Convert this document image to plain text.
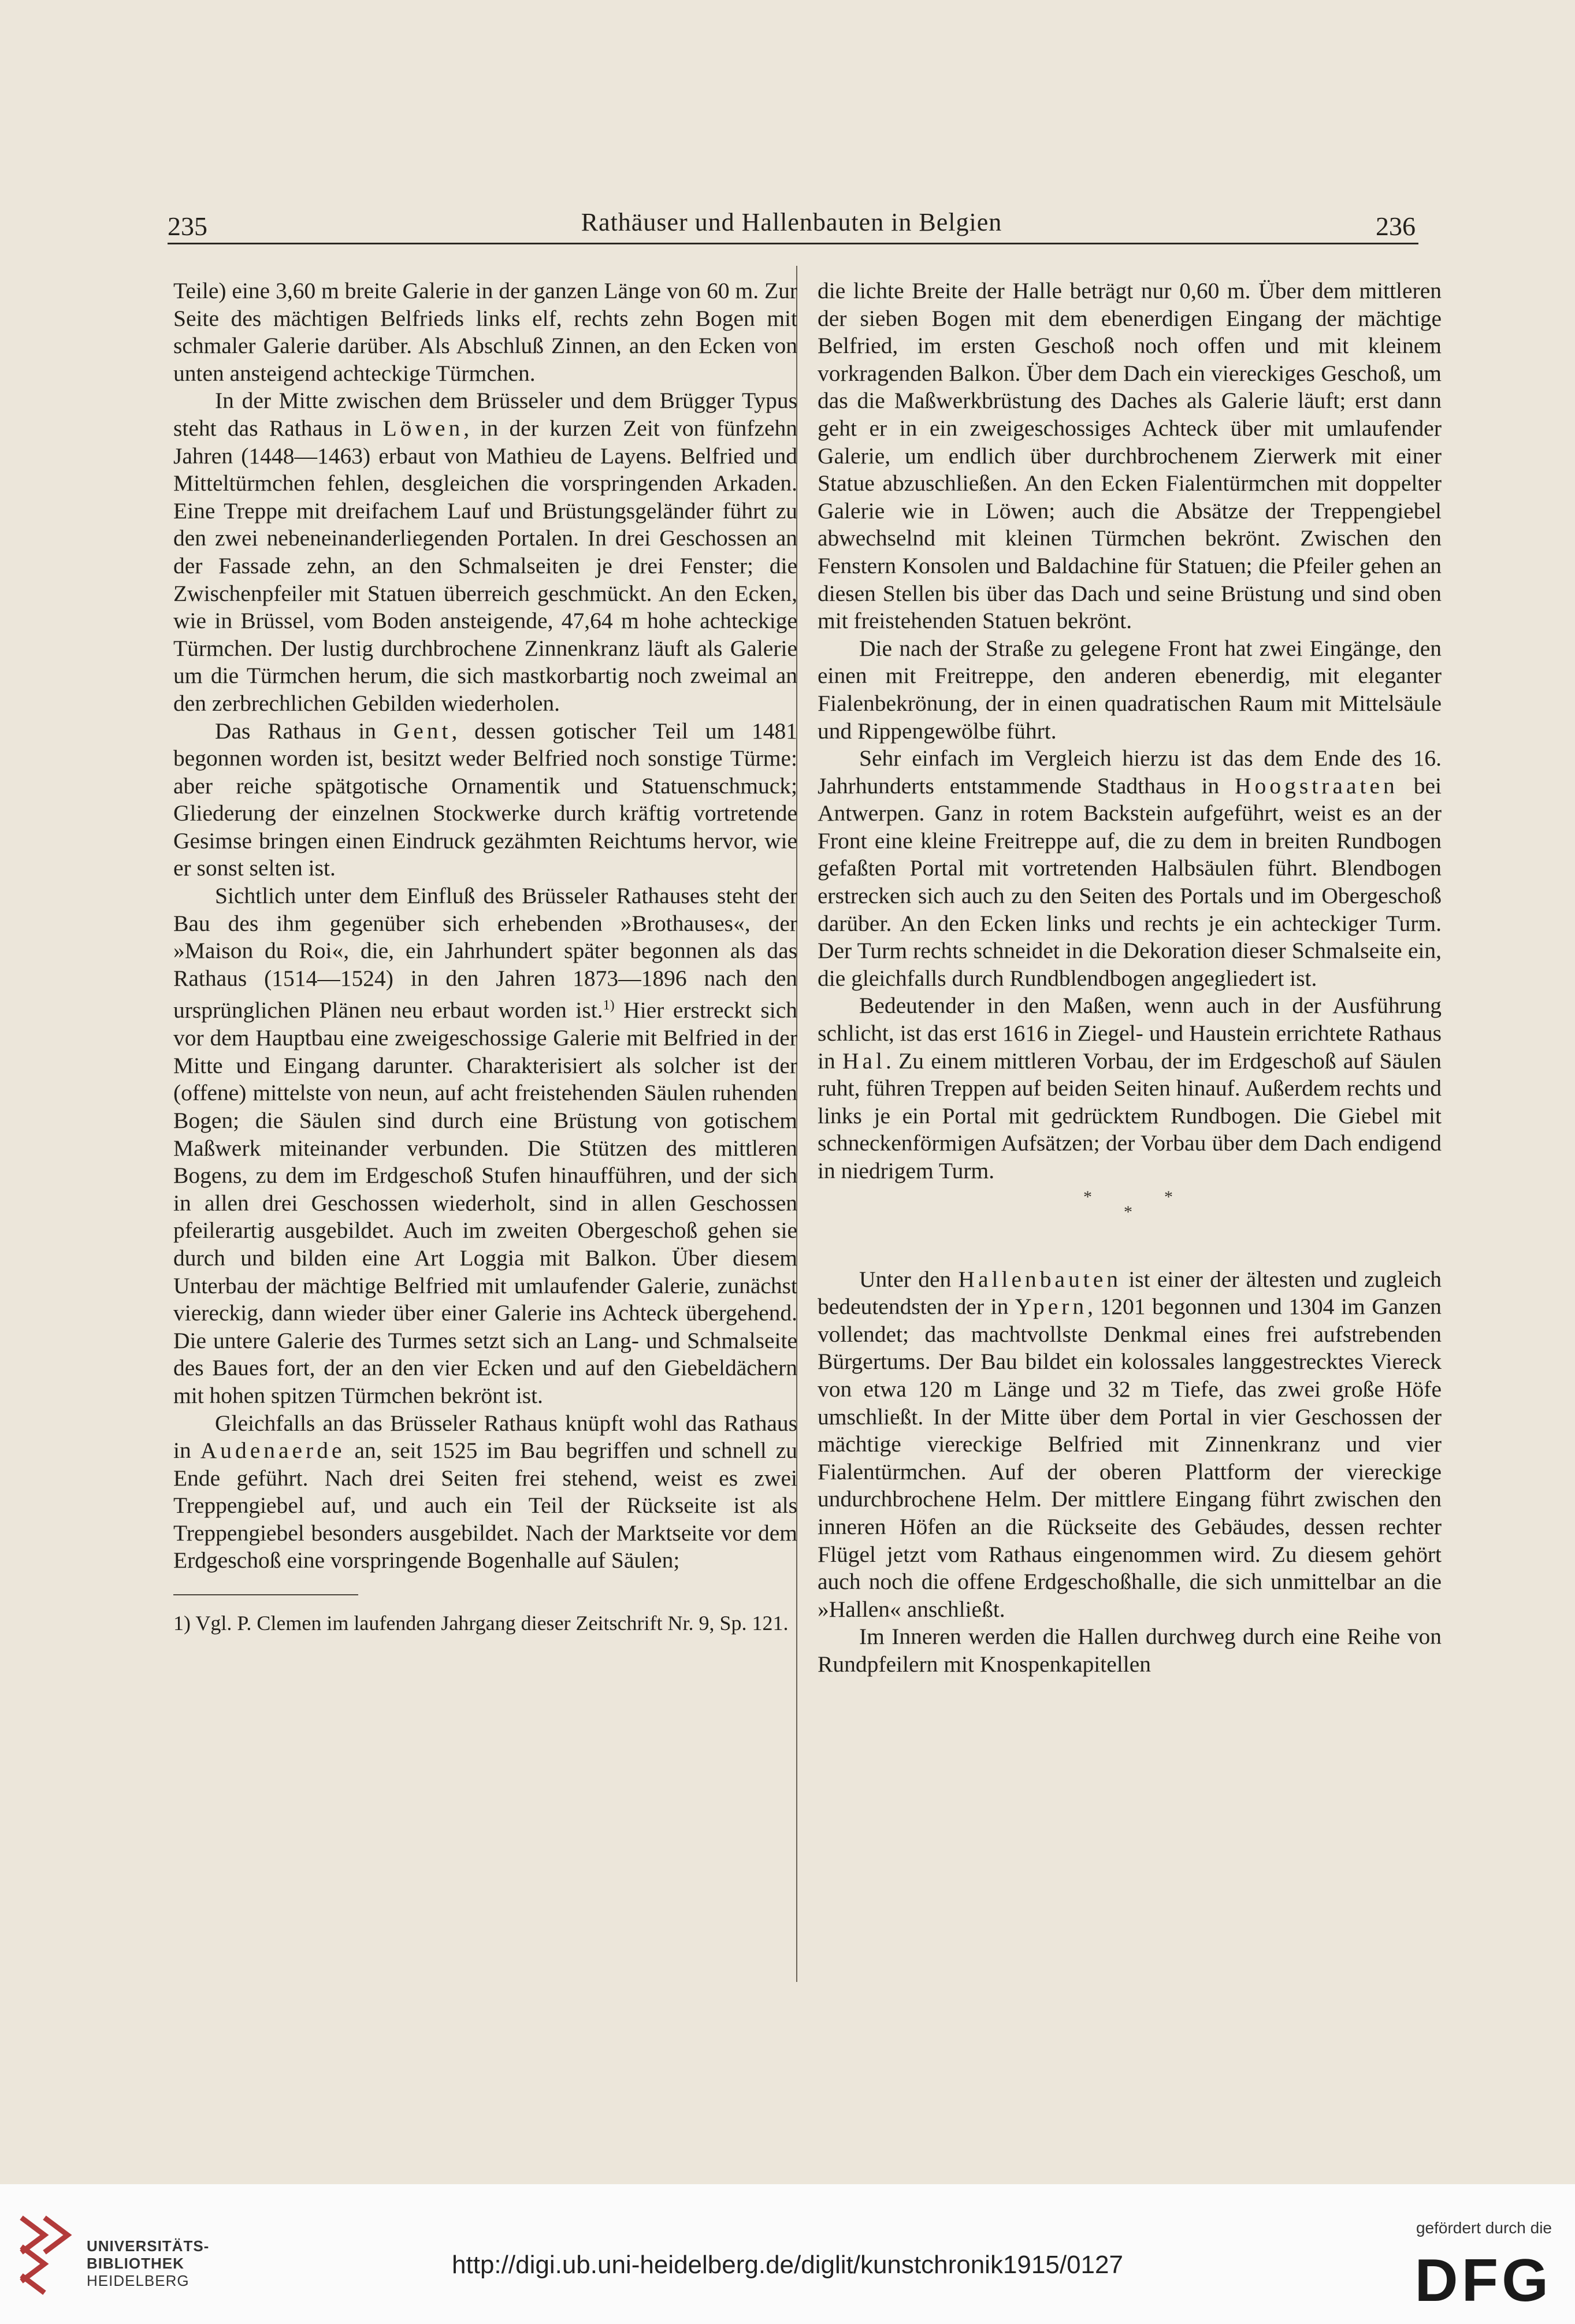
235	Rathäuser und Hallenbauten in Belgien	236

Teile) eine 3,60 m breite Galerie in der ganzen Länge von 60 m. Zur Seite des mächtigen Belfrieds links elf, rechts zehn Bogen mit schmaler Galerie darüber. Als Abschluß Zinnen, an den Ecken von unten ansteigend achteckige Türmchen.

In der Mitte zwischen dem Brüsseler und dem Brügger Typus steht das Rathaus in Löwen, in der kurzen Zeit von fünfzehn Jahren (1448—1463) erbaut von Mathieu de Layens. Belfried und Mitteltürmchen fehlen, desgleichen die vorspringenden Arkaden. Eine Treppe mit dreifachem Lauf und Brüstungsgeländer führt zu den zwei nebeneinanderliegenden Portalen. In drei Geschossen an der Fassade zehn, an den Schmalseiten je drei Fenster; die Zwischenpfeiler mit Statuen überreich geschmückt. An den Ecken, wie in Brüssel, vom Boden ansteigende, 47,64 m hohe achteckige Türmchen. Der lustig durchbrochene Zinnenkranz läuft als Galerie um die Türmchen herum, die sich mastkorbartig noch zweimal an den zerbrechlichen Gebilden wiederholen.

Das Rathaus in Gent, dessen gotischer Teil um 1481 begonnen worden ist, besitzt weder Belfried noch sonstige Türme: aber reiche spätgotische Ornamentik und Statuenschmuck; Gliederung der einzelnen Stockwerke durch kräftig vortretende Gesimse bringen einen Eindruck gezähmten Reichtums hervor, wie er sonst selten ist.

Sichtlich unter dem Einfluß des Brüsseler Rathauses steht der Bau des ihm gegenüber sich erhebenden »Brothauses«, der »Maison du Roi«, die, ein Jahrhundert später begonnen als das Rathaus (1514—1524) in den Jahren 1873—1896 nach den ursprünglichen Plänen neu erbaut worden ist.$^{1)}$ Hier erstreckt sich vor dem Hauptbau eine zweigeschossige Galerie mit Belfried in der Mitte und Eingang darunter. Charakterisiert als solcher ist der (offene) mittelste von neun, auf acht freistehenden Säulen ruhenden Bogen; die Säulen sind durch eine Brüstung von gotischem Maßwerk miteinander verbunden. Die Stützen des mittleren Bogens, zu dem im Erdgeschoß Stufen hinaufführen, und der sich in allen drei Geschossen wiederholt, sind in allen Geschossen pfeilerartig ausgebildet. Auch im zweiten Obergeschoß gehen sie durch und bilden eine Art Loggia mit Balkon. Über diesem Unterbau der mächtige Belfried mit umlaufender Galerie, zunächst viereckig, dann wieder über einer Galerie ins Achteck übergehend. Die untere Galerie des Turmes setzt sich an Lang- und Schmalseite des Baues fort, der an den vier Ecken und auf den Giebeldächern mit hohen spitzen Türmchen bekrönt ist.

Gleichfalls an das Brüsseler Rathaus knüpft wohl das Rathaus in Audenaerde an, seit 1525 im Bau begriffen und schnell zu Ende geführt. Nach drei Seiten frei stehend, weist es zwei Treppengiebel auf, und auch ein Teil der Rückseite ist als Treppengiebel besonders ausgebildet. Nach der Marktseite vor dem Erdgeschoß eine vorspringende Bogenhalle auf Säulen;

1) Vgl. P. Clemen im laufenden Jahrgang dieser Zeitschrift Nr. 9, Sp. 121.

die lichte Breite der Halle beträgt nur 0,60 m. Über dem mittleren der sieben Bogen mit dem ebenerdigen Eingang der mächtige Belfried, im ersten Geschoß noch offen und mit kleinem vorkragenden Balkon. Über dem Dach ein viereckiges Geschoß, um das die Maßwerkbrüstung des Daches als Galerie läuft; erst dann geht er in ein zweigeschossiges Achteck über mit umlaufender Galerie, um endlich über durchbrochenem Zierwerk mit einer Statue abzuschließen. An den Ecken Fialentürmchen mit doppelter Galerie wie in Löwen; auch die Absätze der Treppengiebel abwechselnd mit kleinen Türmchen bekrönt. Zwischen den Fenstern Konsolen und Baldachine für Statuen; die Pfeiler gehen an diesen Stellen bis über das Dach und seine Brüstung und sind oben mit freistehenden Statuen bekrönt.

Die nach der Straße zu gelegene Front hat zwei Eingänge, den einen mit Freitreppe, den anderen ebenerdig, mit eleganter Fialenbekrönung, der in einen quadratischen Raum mit Mittelsäule und Rippengewölbe führt.

Sehr einfach im Vergleich hierzu ist das dem Ende des 16. Jahrhunderts entstammende Stadthaus in Hoogstraaten bei Antwerpen. Ganz in rotem Backstein aufgeführt, weist es an der Front eine kleine Freitreppe auf, die zu dem in breiten Rundbogen gefaßten Portal mit vortretenden Halbsäulen führt. Blendbogen erstrecken sich auch zu den Seiten des Portals und im Obergeschoß darüber. An den Ecken links und rechts je ein achteckiger Turm. Der Turm rechts schneidet in die Dekoration dieser Schmalseite ein, die gleichfalls durch Rundblendbogen angegliedert ist.

Bedeutender in den Maßen, wenn auch in der Ausführung schlicht, ist das erst 1616 in Ziegel- und Haustein errichtete Rathaus in Hal. Zu einem mittleren Vorbau, der im Erdgeschoß auf Säulen ruht, führen Treppen auf beiden Seiten hinauf. Außerdem rechts und links je ein Portal mit gedrücktem Rundbogen. Die Giebel mit schneckenförmigen Aufsätzen; der Vorbau über dem Dach endigend in niedrigem Turm.

*	*
*

Unter den Hallenbauten ist einer der ältesten und zugleich bedeutendsten der in Ypern, 1201 begonnen und 1304 im Ganzen vollendet; das machtvollste Denkmal eines frei aufstrebenden Bürgertums. Der Bau bildet ein kolossales langgestrecktes Viereck von etwa 120 m Länge und 32 m Tiefe, das zwei große Höfe umschließt. In der Mitte über dem Portal in vier Geschossen der mächtige viereckige Belfried mit Zinnenkranz und vier Fialentürmchen. Auf der oberen Plattform der viereckige undurchbrochene Helm. Der mittlere Eingang führt zwischen den inneren Höfen an die Rückseite des Gebäudes, dessen rechter Flügel jetzt vom Rathaus eingenommen wird. Zu diesem gehört auch noch die offene Erdgeschoßhalle, die sich unmittelbar an die »Hallen« anschließt.

Im Inneren werden die Hallen durchweg durch eine Reihe von Rundpfeilern mit Knospenkapitellen

UNIVERSITÄTS-
BIBLIOTHEK
HEIDELBERG
http://digi.ub.uni-heidelberg.de/diglit/kunstchronik1915/0127
gefördert durch die
DFG
